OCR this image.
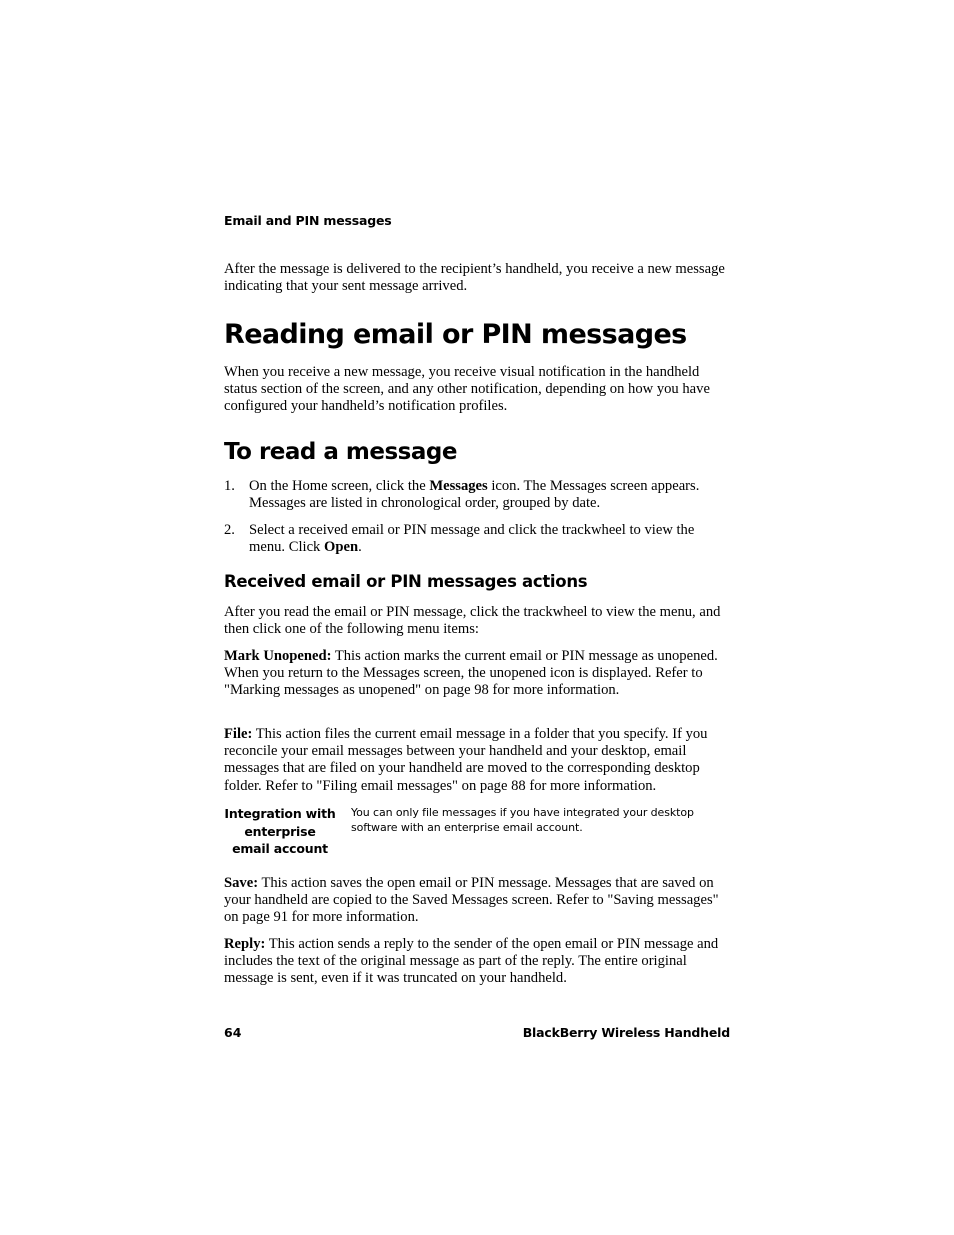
Email and PIN messages
After the message is delivered to the recipient’s handheld, you receive a new message indicating that your sent message arrived.
Reading email or PIN messages
When you receive a new message, you receive visual notification in the handheld status section of the screen, and any other notification, depending on how you have configured your handheld’s notification profiles.
To read a message
1. On the Home screen, click the Messages icon. The Messages screen appears. Messages are listed in chronological order, grouped by date.
2. Select a received email or PIN message and click the trackwheel to view the menu. Click Open.
Received email or PIN messages actions
After you read the email or PIN message, click the trackwheel to view the menu, and then click one of the following menu items:
Mark Unopened: This action marks the current email or PIN message as unopened. When you return to the Messages screen, the unopened icon is displayed. Refer to "Marking messages as unopened" on page 98 for more information.
File: This action files the current email message in a folder that you specify. If you reconcile your email messages between your handheld and your desktop, email messages that are filed on your handheld are moved to the corresponding desktop folder. Refer to "Filing email messages" on page 88 for more information.
Integration with enterprise email account
You can only file messages if you have integrated your desktop software with an enterprise email account.
Save: This action saves the open email or PIN message. Messages that are saved on your handheld are copied to the Saved Messages screen. Refer to "Saving messages" on page 91 for more information.
Reply: This action sends a reply to the sender of the open email or PIN message and includes the text of the original message as part of the reply. The entire original message is sent, even if it was truncated on your handheld.
64	BlackBerry Wireless Handheld
